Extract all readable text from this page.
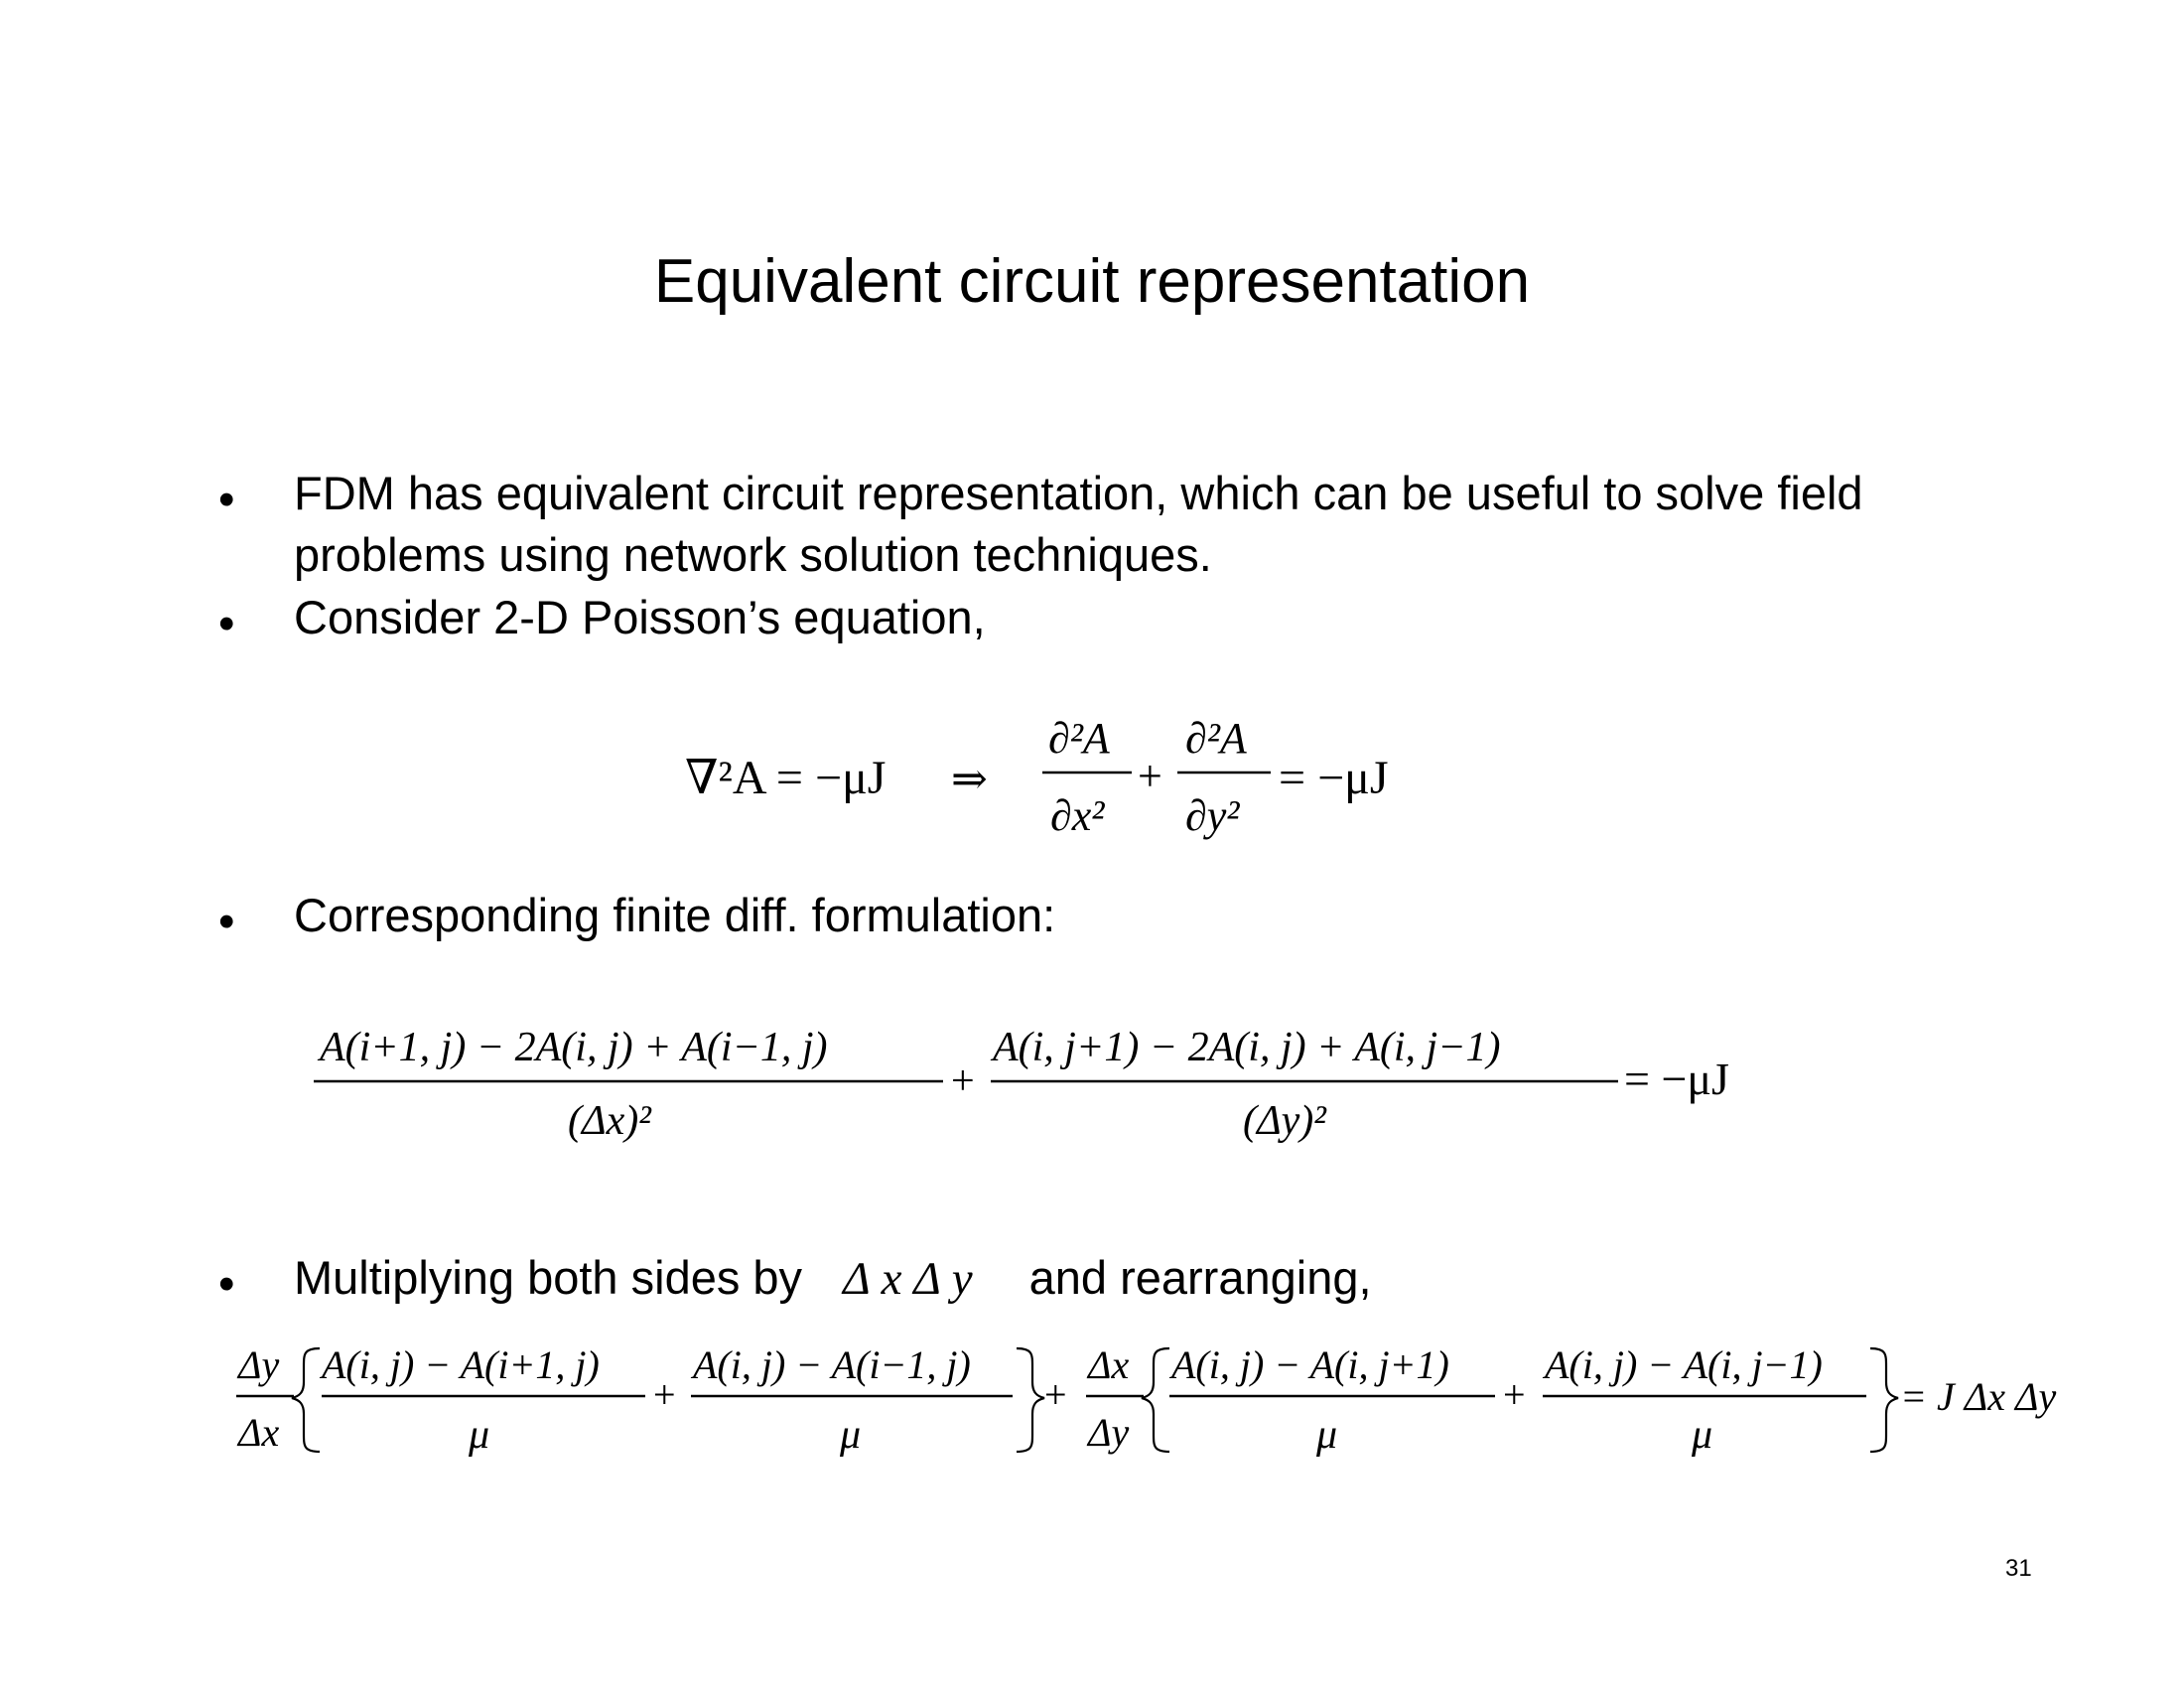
Equivalent circuit representation
• FDM has equivalent circuit representation, which can be useful to solve field problems using network solution techniques.
• Consider 2-D Poisson’s equation,
∇²A = −μJ ⇒
∂²A
∂x²
+
∂²A
∂y²
= −μJ
• Corresponding finite diff. formulation:
A(i+1, j) − 2A(i, j) + A(i−1, j)
(Δx)²
+
A(i, j+1) − 2A(i, j) + A(i, j−1)
(Δy)²
= −μJ
• Multiplying both sides by Δ x Δ y and rearranging,
Δy
Δx
A(i, j) − A(i+1, j)
μ
+
A(i, j) − A(i−1, j)
μ
+
Δx
Δy
A(i, j) − A(i, j+1)
μ
+
A(i, j) − A(i, j−1)
μ
= J Δx Δy
31
